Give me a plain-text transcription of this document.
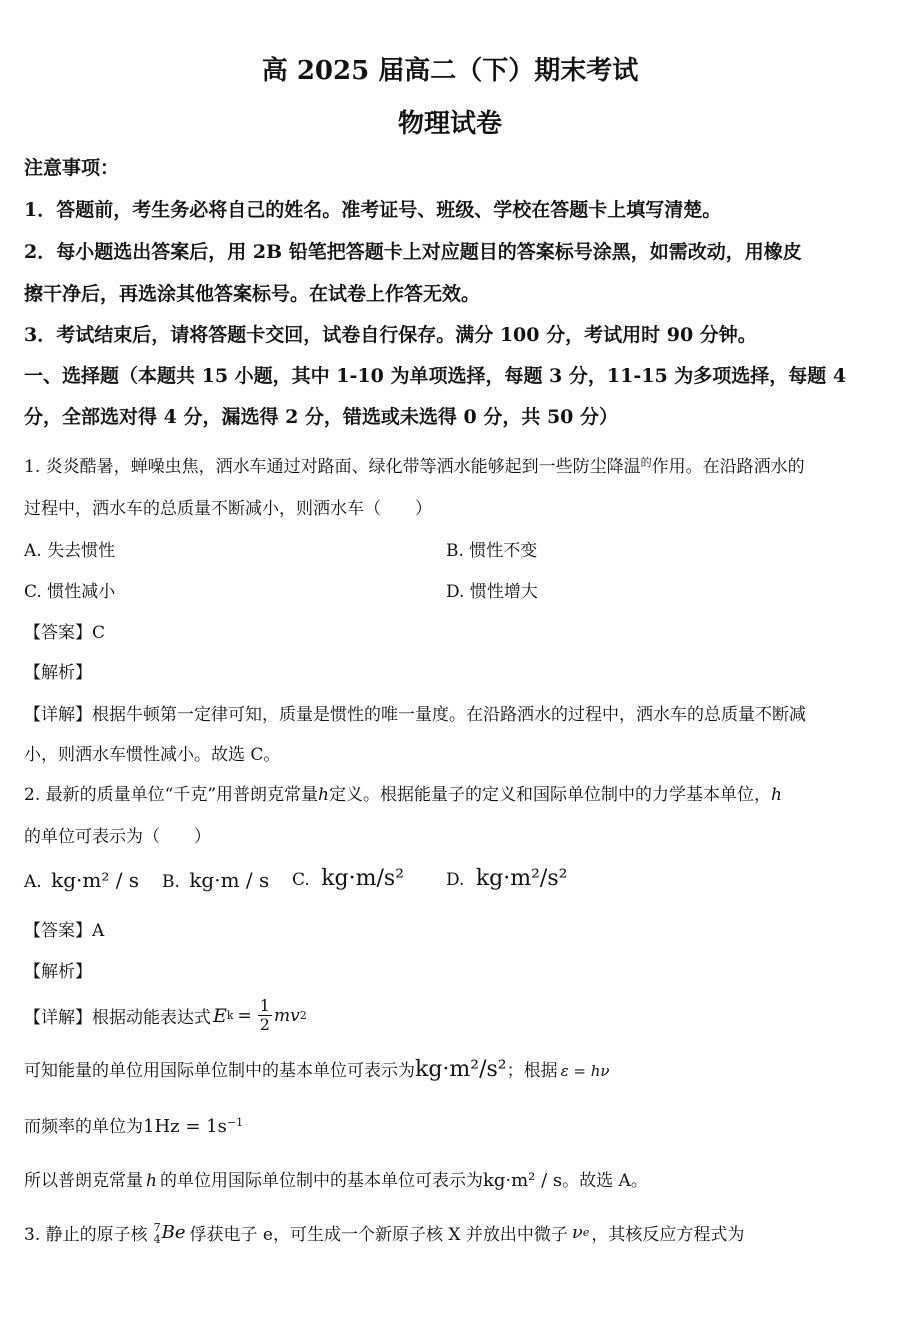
高 2025 届高二（下）期末考试
物理试卷
注意事项：
1．答题前，考生务必将自己的姓名。准考证号、班级、学校在答题卡上填写清楚。
2．每小题选出答案后，用 2B 铅笔把答题卡上对应题目的答案标号涂黑，如需改动，用橡皮
擦干净后，再选涂其他答案标号。在试卷上作答无效。
3．考试结束后，请将答题卡交回，试卷自行保存。满分 100 分，考试用时 90 分钟。
一、选择题（本题共 15 小题，其中 1-10 为单项选择，每题 3 分，11-15 为多项选择，每题 4
分，全部选对得 4 分，漏选得 2 分，错选或未选得 0 分，共 50 分）
1. 炎炎酷暑，蝉噪虫焦，洒水车通过对路面、绿化带等洒水能够起到一些防尘降温$^的$作用。在沿路洒水的
过程中，洒水车的总质量不断减小，则洒水车（　　）
A. 失去惯性	B. 惯性不变
C. 惯性减小	D. 惯性增大
【答案】C
【解析】
【详解】根据牛顿第一定律可知，质量是惯性的唯一量度。在沿路洒水的过程中，洒水车的总质量不断减
小，则洒水车惯性减小。故选 C。
2. 最新的质量单位“千克”用普朗克常量h定义。根据能量子的定义和国际单位制中的力学基本单位，h
的单位可表示为（　　）
A. kg·m² / s B. kg·m / s C. kg·m/s² D. kg·m²/s²
【答案】A
【解析】
【详解】根据动能表达式 E $k = \frac{1}{2}$ mv 2
可知能量的单位用国际单位制中的基本单位可表示为kg·m²/s²；根据 ε = hν
而频率的单位为$1Hz = 1s^{-1}$
所以普朗克常量 h 的单位用国际单位制中的基本单位可表示为kg·m² / s。故选 A。
3. 静止的原子核 7
4 Be 俘获电子 e，可生成一个新原子核 X 并放出中微子 ν e ，其核反应方程式为
